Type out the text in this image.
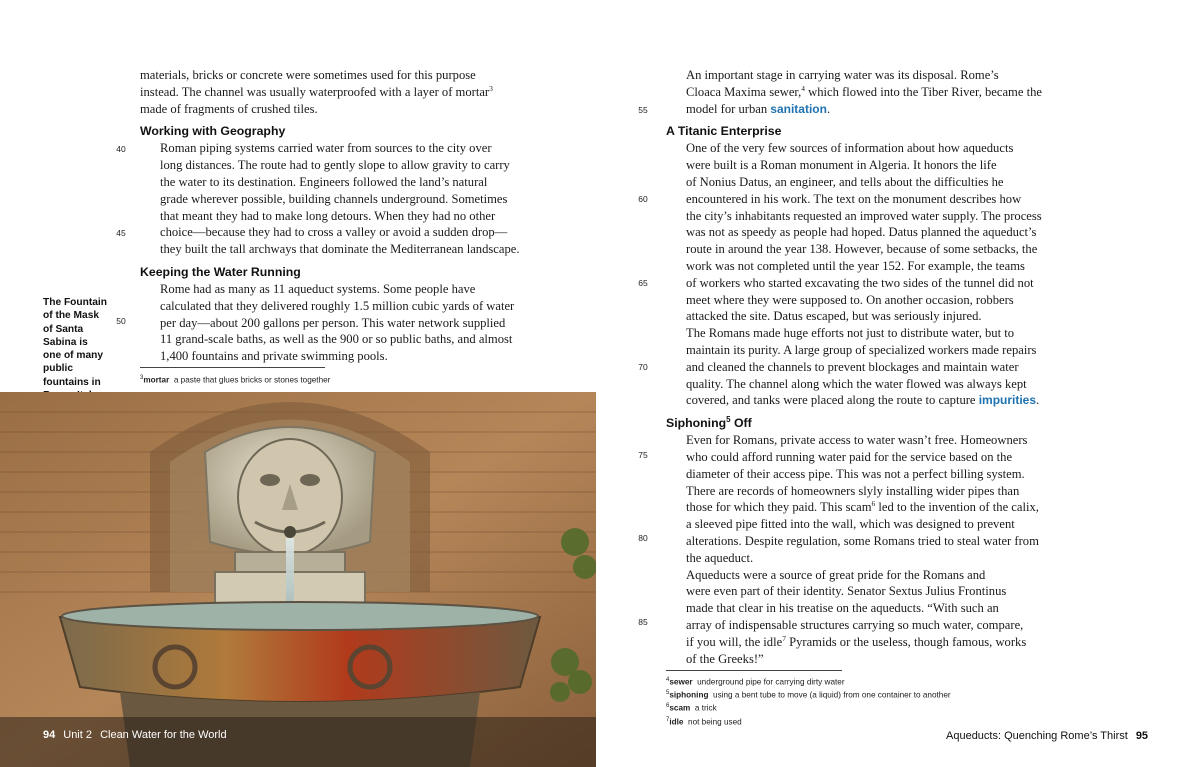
materials, bricks or concrete were sometimes used for this purpose
instead. The channel was usually waterproofed with a layer of mortar$^3$
made of fragments of crushed tiles.
Working with Geography
Roman piping systems carried water from sources to the city over
long distances. The route had to gently slope to allow gravity to carry
the water to its destination. Engineers followed the land’s natural
grade wherever possible, building channels underground. Sometimes
that meant they had to make long detours. When they had no other
choice—because they had to cross a valley or avoid a sudden drop—
they built the tall archways that dominate the Mediterranean landscape.
Keeping the Water Running
Rome had as many as 11 aqueduct systems. Some people have
calculated that they delivered roughly 1.5 million cubic yards of water
per day—about 200 gallons per person. This water network supplied
11 grand-scale baths, as well as the 900 or so public baths, and almost
1,400 fountains and private swimming pools.
40
45
50
The Fountain of the Mask of Santa Sabina is one of many public fountains in	$^3$mortar a paste that glues bricks or stones together
94 Unit 2 Clean Water for the World
An important stage in carrying water was its disposal. Rome’s
Cloaca Maxima sewer,$^4$ which flowed into the Tiber River, became the
model for urban sanitation.
A Titanic Enterprise
One of the very few sources of information about how aqueducts
were built is a Roman monument in Algeria. It honors the life
of Nonius Datus, an engineer, and tells about the difficulties he
encountered in his work. The text on the monument describes how
the city’s inhabitants requested an improved water supply. The process
was not as speedy as people had hoped. Datus planned the aqueduct’s
route in around the year 138. However, because of some setbacks, the
work was not completed until the year 152. For example, the teams
of workers who started excavating the two sides of the tunnel did not
meet where they were supposed to. On another occasion, robbers
attacked the site. Datus escaped, but was seriously injured.
The Romans made huge efforts not just to distribute water, but to
maintain its purity. A large group of specialized workers made repairs
and cleaned the channels to prevent blockages and maintain water
quality. The channel along which the water flowed was always kept
covered, and tanks were placed along the route to capture impurities.
Siphoning$^5$ Off
Even for Romans, private access to water wasn’t free. Homeowners
who could afford running water paid for the service based on the
diameter of their access pipe. This was not a perfect billing system.
There are records of homeowners slyly installing wider pipes than
those for which they paid. This scam$^6$ led to the invention of the calix,
a sleeved pipe fitted into the wall, which was designed to prevent
alterations. Despite regulation, some Romans tried to steal water from
the aqueduct.
Aqueducts were a source of great pride for the Romans and
were even part of their identity. Senator Sextus Julius Frontinus
made that clear in his treatise on the aqueducts. “With such an
array of indispensable structures carrying so much water, compare,
if you will, the idle$^7$ Pyramids or the useless, though famous, works
of the Greeks!”
55
60
65
70
75
80
85
$^4$sewer underground pipe for carrying dirty water
$^5$siphoning using a bent tube to move (a liquid) from one container to another
$^6$scam a trick
$^7$idle not being used
Aqueducts: Quenching Rome’s Thirst 95
